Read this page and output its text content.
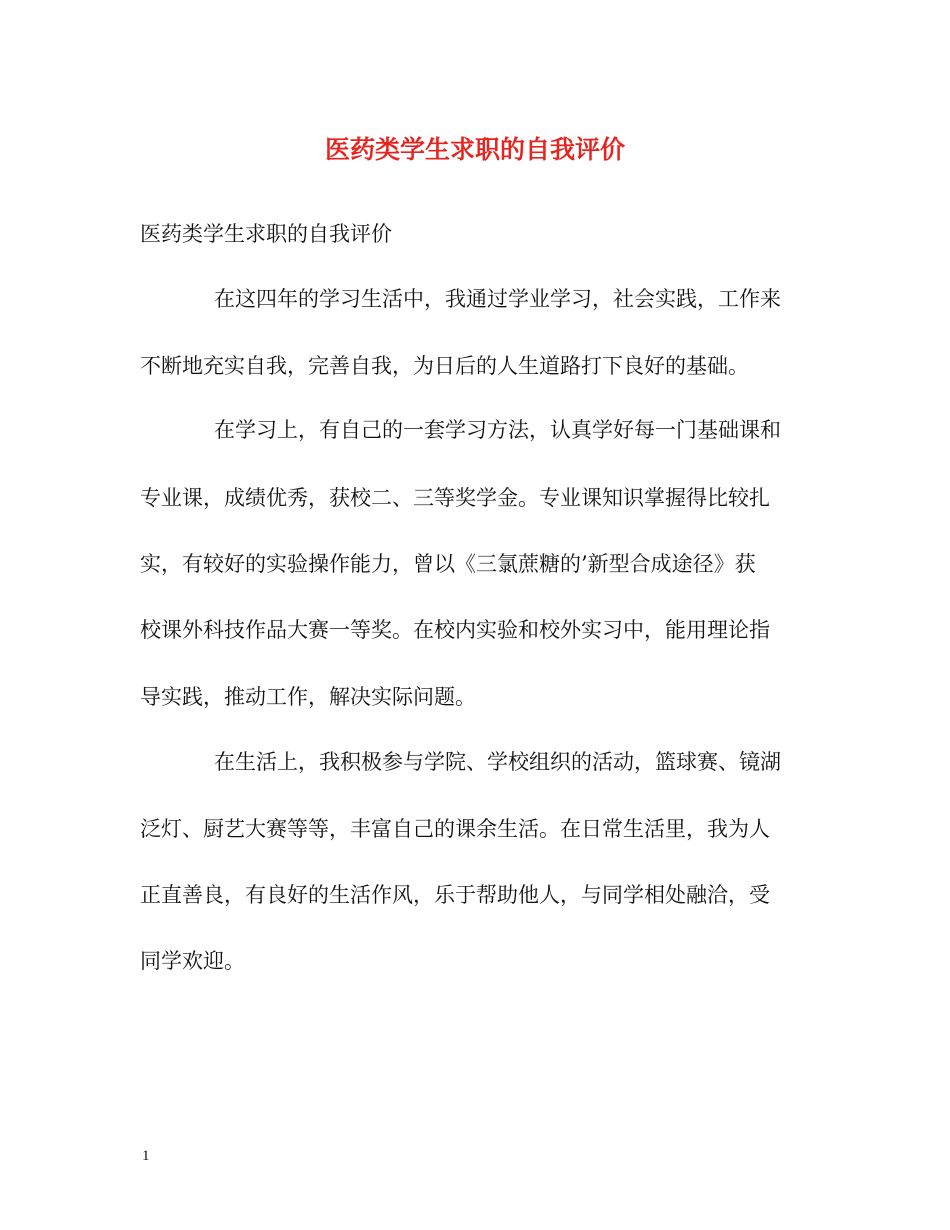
医药类学生求职的自我评价

医药类学生求职的自我评价

在这四年的学习生活中，我通过学业学习，社会实践，工作来

不断地充实自我，完善自我，为日后的人生道路打下良好的基础。

在学习上，有自己的一套学习方法，认真学好每一门基础课和

专业课，成绩优秀，获校二、三等奖学金。专业课知识掌握得比较扎

实，有较好的实验操作能力，曾以《三氯蔗糖的’新型合成途径》获

校课外科技作品大赛一等奖。在校内实验和校外实习中，能用理论指

导实践，推动工作，解决实际问题。

在生活上，我积极参与学院、学校组织的活动，篮球赛、镜湖

泛灯、厨艺大赛等等，丰富自己的课余生活。在日常生活里，我为人

正直善良，有良好的生活作风，乐于帮助他人，与同学相处融洽，受

同学欢迎。

1
